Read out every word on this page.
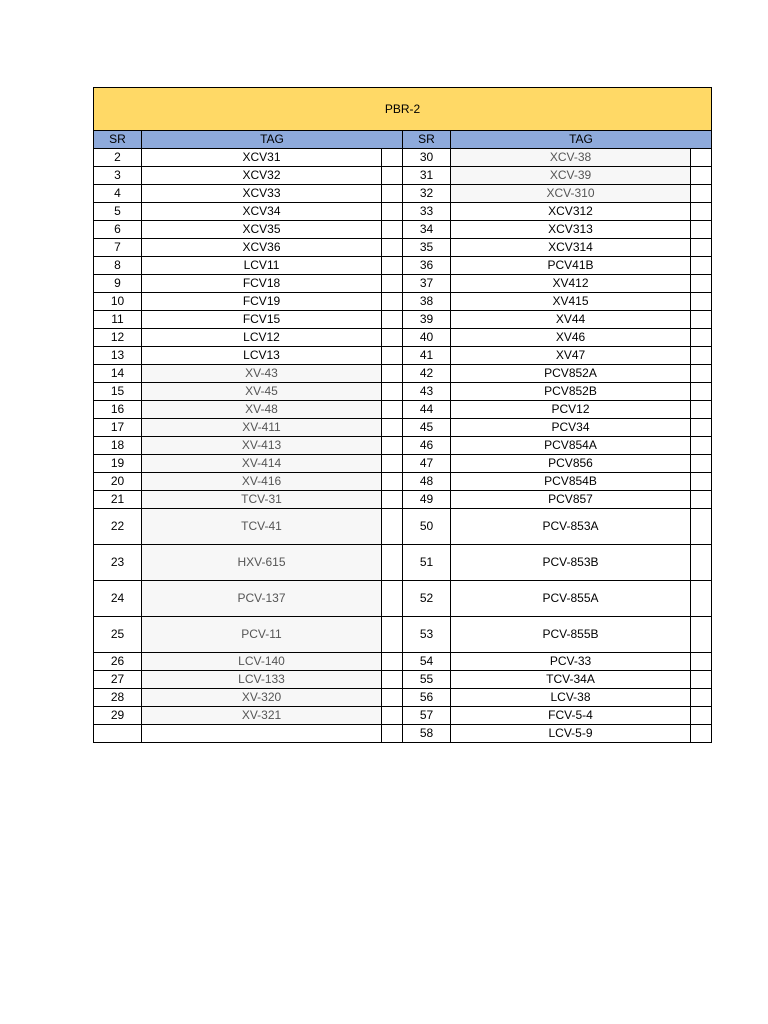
PBR-2					
SR	TAG		SR	TAG	
2	XCV31		30	XCV-38	
3	XCV32		31	XCV-39	
4	XCV33		32	XCV-310	
5	XCV34		33	XCV312	
6	XCV35		34	XCV313	
7	XCV36		35	XCV314	
8	LCV11		36	PCV41B	
9	FCV18		37	XV412	
10	FCV19		38	XV415	
11	FCV15		39	XV44	
12	LCV12		40	XV46	
13	LCV13		41	XV47	
14	XV-43		42	PCV852A	
15	XV-45		43	PCV852B	
16	XV-48		44	PCV12	
17	XV-411		45	PCV34	
18	XV-413		46	PCV854A	
19	XV-414		47	PCV856	
20	XV-416		48	PCV854B	
21	TCV-31		49	PCV857	
22	TCV-41		50	PCV-853A	
23	HXV-615		51	PCV-853B	
24	PCV-137		52	PCV-855A	
25	PCV-11		53	PCV-855B	
26	LCV-140		54	PCV-33	
27	LCV-133		55	TCV-34A	
28	XV-320		56	LCV-38	
29	XV-321		57	FCV-5-4	
			58	LCV-5-9	
